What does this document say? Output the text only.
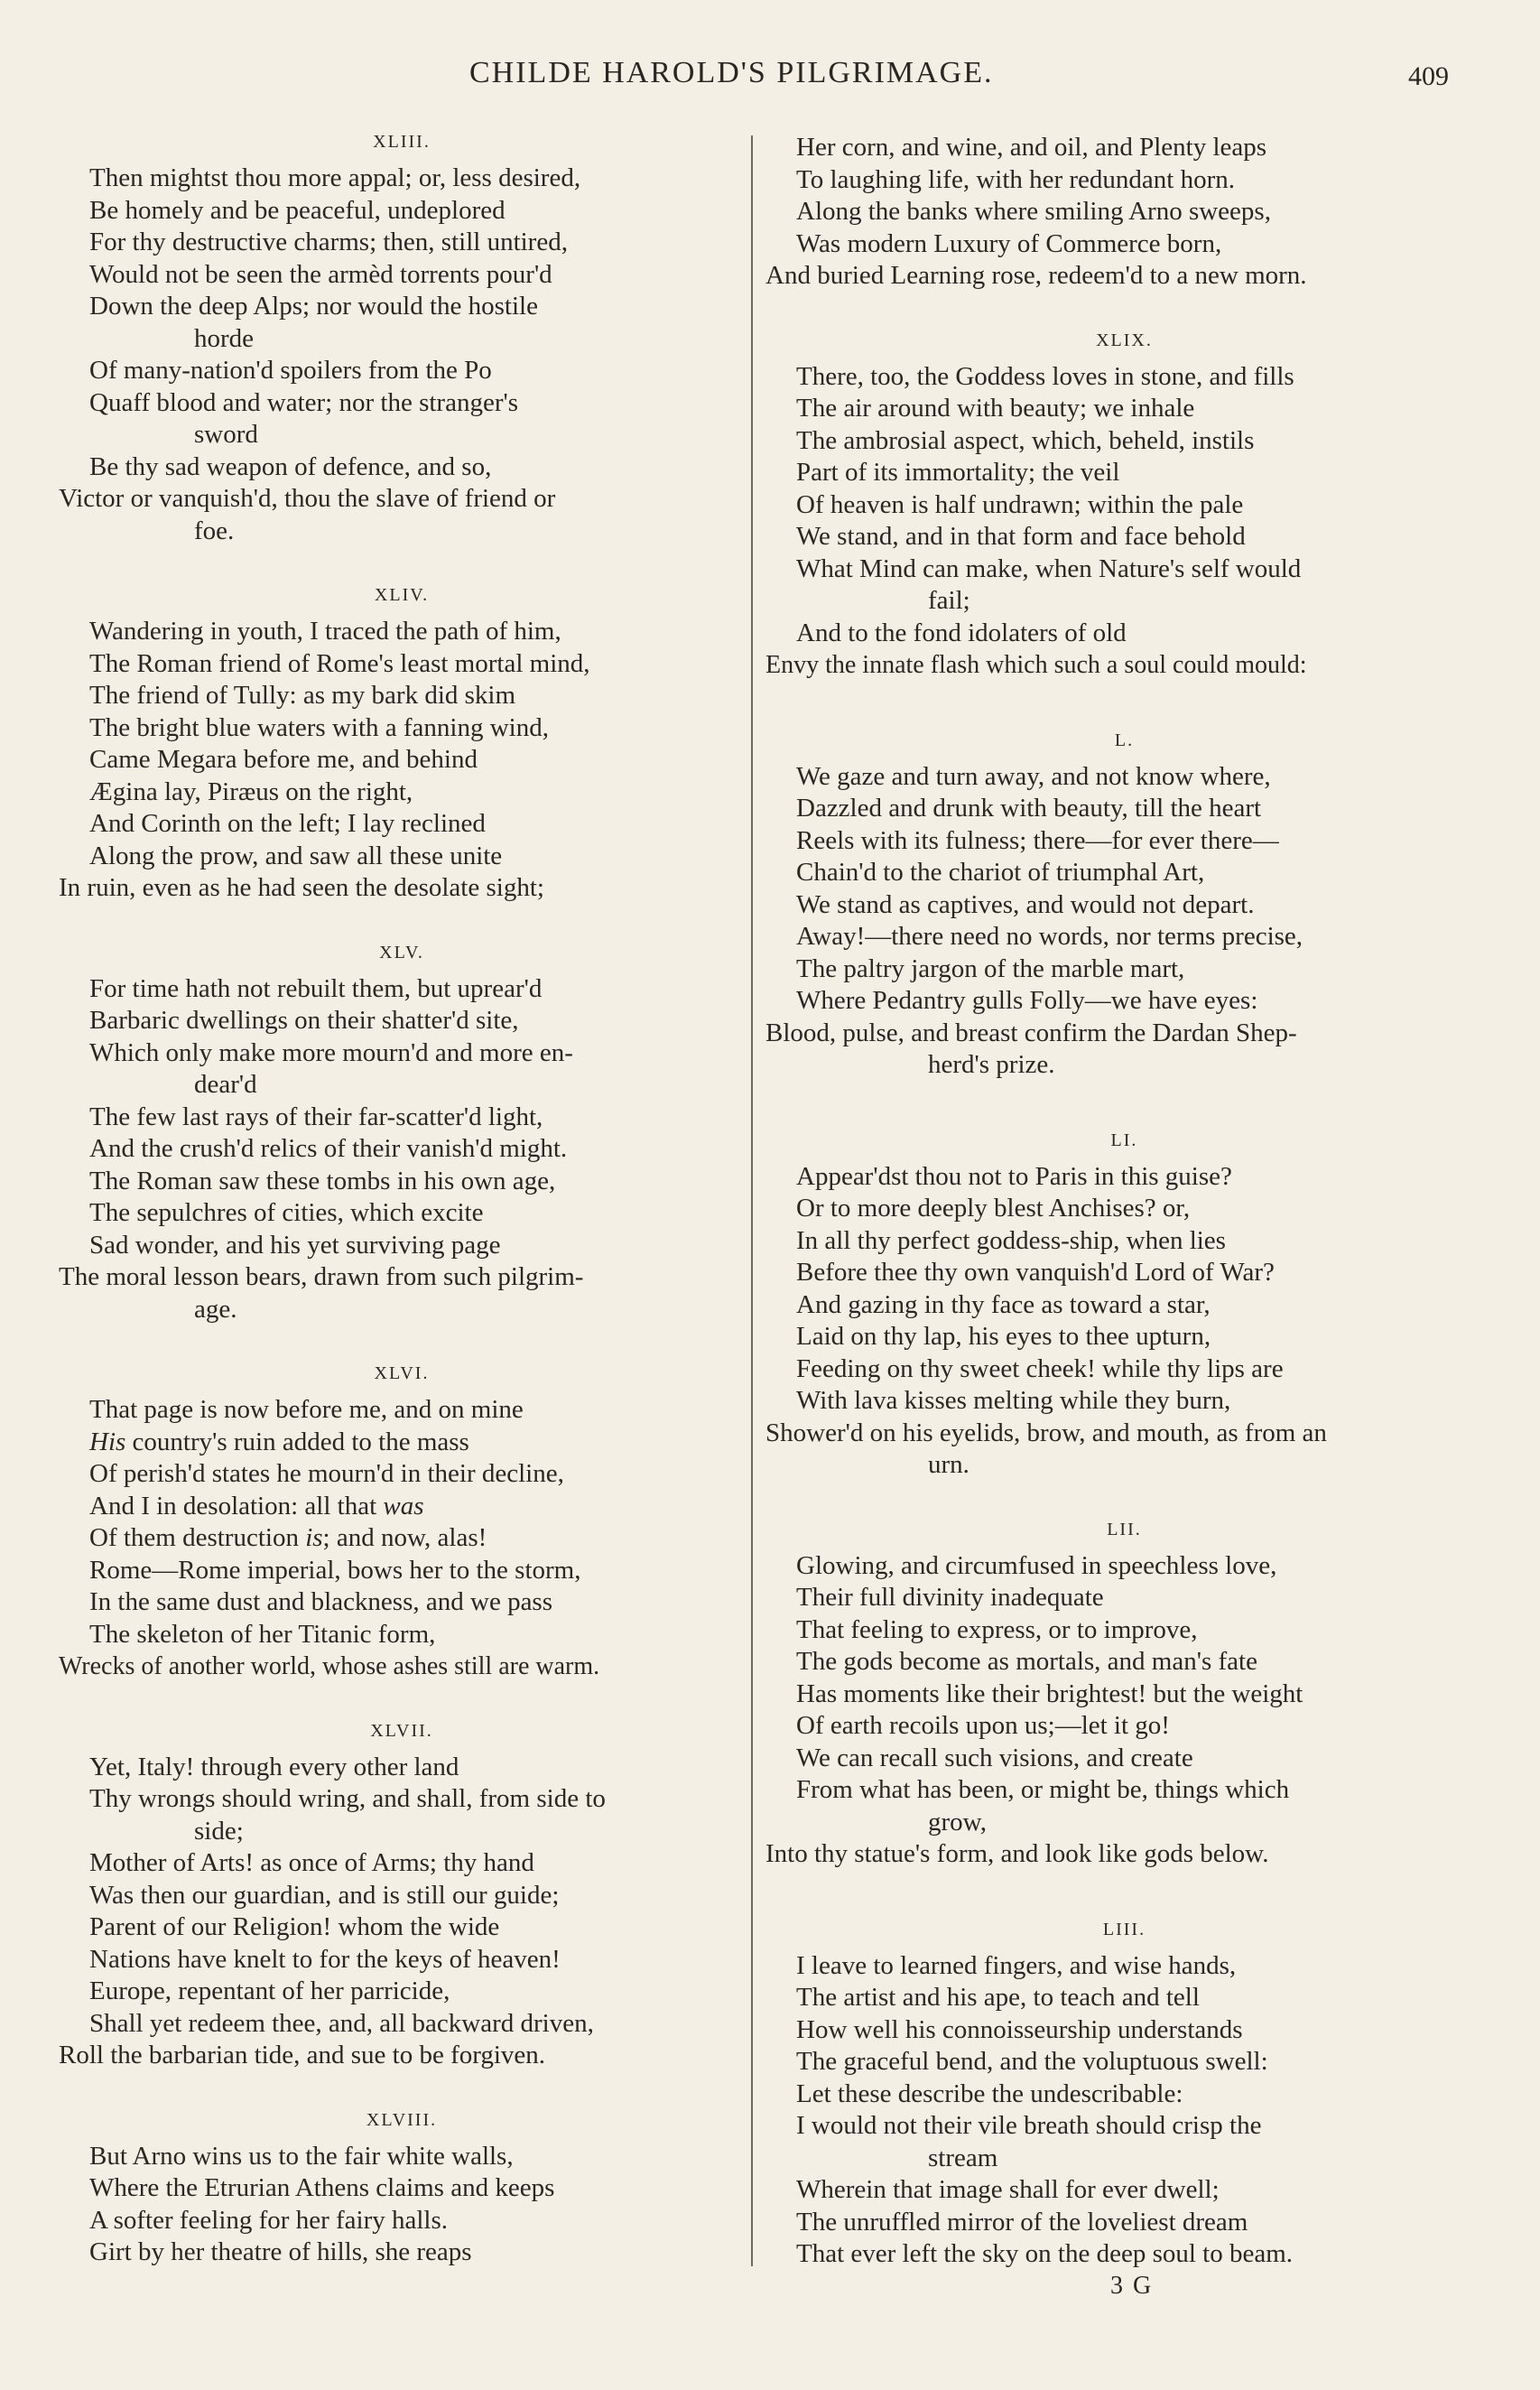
CHILDE HAROLD'S PILGRIMAGE.	409
XLIII.
Then mightst thou more appal; or, less desired,
Be homely and be peaceful, undeplored
For thy destructive charms; then, still untired,
Would not be seen the armèd torrents pour'd
Down the deep Alps; nor would the hostile
horde
Of many-nation'd spoilers from the Po
Quaff blood and water; nor the stranger's
sword
Be thy sad weapon of defence, and so,
Victor or vanquish'd, thou the slave of friend or
foe.
XLIV.
Wandering in youth, I traced the path of him,
The Roman friend of Rome's least mortal mind,
The friend of Tully: as my bark did skim
The bright blue waters with a fanning wind,
Came Megara before me, and behind
Ægina lay, Piræus on the right,
And Corinth on the left; I lay reclined
Along the prow, and saw all these unite
In ruin, even as he had seen the desolate sight;
XLV.
For time hath not rebuilt them, but uprear'd
Barbaric dwellings on their shatter'd site,
Which only make more mourn'd and more en-
dear'd
The few last rays of their far-scatter'd light,
And the crush'd relics of their vanish'd might.
The Roman saw these tombs in his own age,
The sepulchres of cities, which excite
Sad wonder, and his yet surviving page
The moral lesson bears, drawn from such pilgrim-
age.
XLVI.
That page is now before me, and on mine
His country's ruin added to the mass
Of perish'd states he mourn'd in their decline,
And I in desolation: all that was
Of them destruction is; and now, alas!
Rome—Rome imperial, bows her to the storm,
In the same dust and blackness, and we pass
The skeleton of her Titanic form,
Wrecks of another world, whose ashes still are warm.
XLVII.
Yet, Italy! through every other land
Thy wrongs should wring, and shall, from side to
side;
Mother of Arts! as once of Arms; thy hand
Was then our guardian, and is still our guide;
Parent of our Religion! whom the wide
Nations have knelt to for the keys of heaven!
Europe, repentant of her parricide,
Shall yet redeem thee, and, all backward driven,
Roll the barbarian tide, and sue to be forgiven.
XLVIII.
But Arno wins us to the fair white walls,
Where the Etrurian Athens claims and keeps
A softer feeling for her fairy halls.
Girt by her theatre of hills, she reaps
Her corn, and wine, and oil, and Plenty leaps
To laughing life, with her redundant horn.
Along the banks where smiling Arno sweeps,
Was modern Luxury of Commerce born,
And buried Learning rose, redeem'd to a new morn.
XLIX.
There, too, the Goddess loves in stone, and fills
The air around with beauty; we inhale
The ambrosial aspect, which, beheld, instils
Part of its immortality; the veil
Of heaven is half undrawn; within the pale
We stand, and in that form and face behold
What Mind can make, when Nature's self would
fail;
And to the fond idolaters of old
Envy the innate flash which such a soul could mould:
L.
We gaze and turn away, and not know where,
Dazzled and drunk with beauty, till the heart
Reels with its fulness; there—for ever there—
Chain'd to the chariot of triumphal Art,
We stand as captives, and would not depart.
Away!—there need no words, nor terms precise,
The paltry jargon of the marble mart,
Where Pedantry gulls Folly—we have eyes:
Blood, pulse, and breast confirm the Dardan Shep-
herd's prize.
LI.
Appear'dst thou not to Paris in this guise?
Or to more deeply blest Anchises? or,
In all thy perfect goddess-ship, when lies
Before thee thy own vanquish'd Lord of War?
And gazing in thy face as toward a star,
Laid on thy lap, his eyes to thee upturn,
Feeding on thy sweet cheek! while thy lips are
With lava kisses melting while they burn,
Shower'd on his eyelids, brow, and mouth, as from an
urn.
LII.
Glowing, and circumfused in speechless love,
Their full divinity inadequate
That feeling to express, or to improve,
The gods become as mortals, and man's fate
Has moments like their brightest! but the weight
Of earth recoils upon us;—let it go!
We can recall such visions, and create
From what has been, or might be, things which
grow,
Into thy statue's form, and look like gods below.
LIII.
I leave to learned fingers, and wise hands,
The artist and his ape, to teach and tell
How well his connoisseurship understands
The graceful bend, and the voluptuous swell:
Let these describe the undescribable:
I would not their vile breath should crisp the
stream
Wherein that image shall for ever dwell;
The unruffled mirror of the loveliest dream
That ever left the sky on the deep soul to beam.
3 G
